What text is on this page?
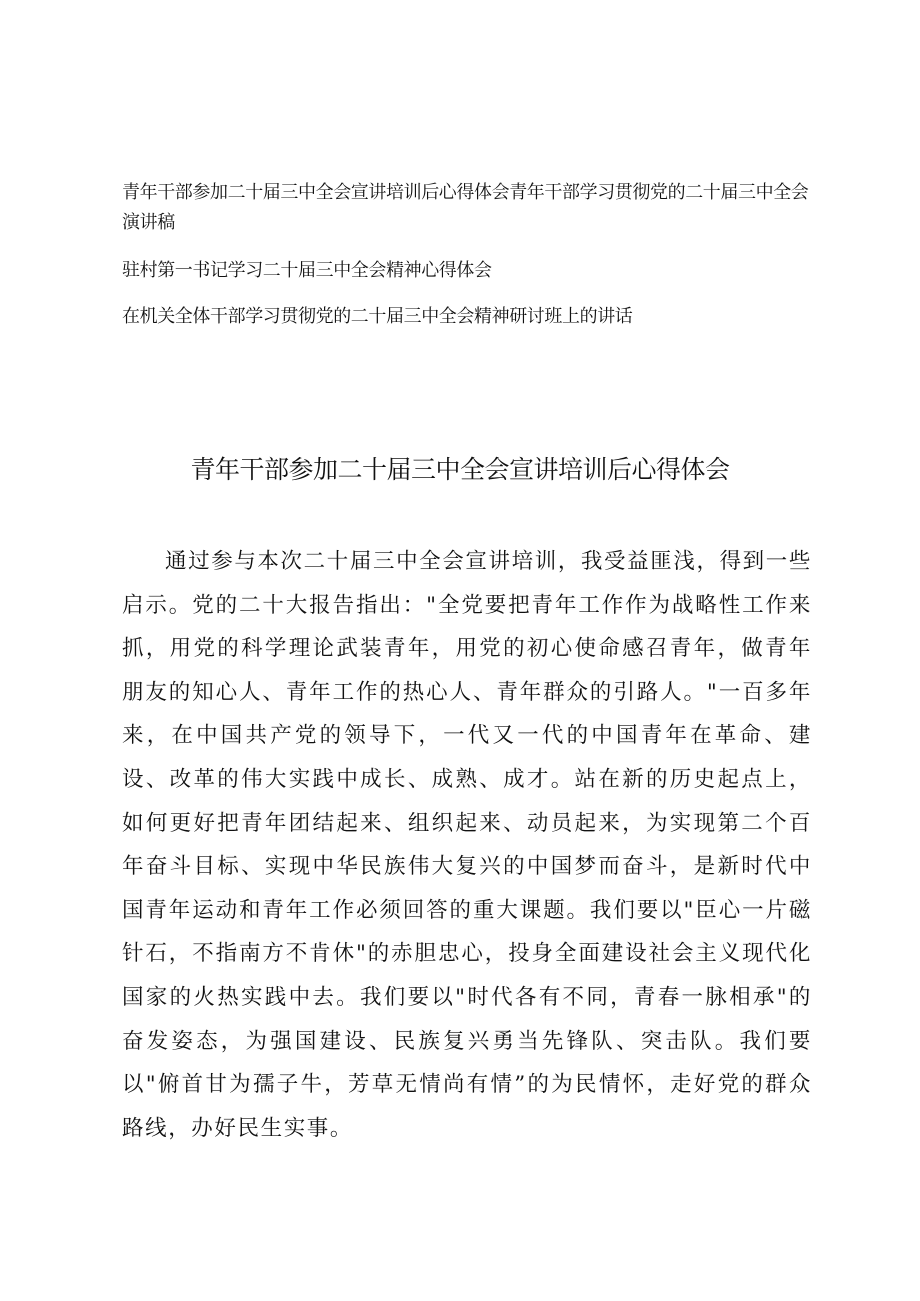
青年干部参加二十届三中全会宣讲培训后心得体会青年干部学习贯彻党的二十届三中全会演讲稿
驻村第一书记学习二十届三中全会精神心得体会
在机关全体干部学习贯彻党的二十届三中全会精神研讨班上的讲话
青年干部参加二十届三中全会宣讲培训后心得体会

通过参与本次二十届三中全会宣讲培训，我受益匪浅，得到一些启示。党的二十大报告指出："全党要把青年工作作为战略性工作来抓，用党的科学理论武装青年，用党的初心使命感召青年，做青年朋友的知心人、青年工作的热心人、青年群众的引路人。"一百多年来，在中国共产党的领导下，一代又一代的中国青年在革命、建设、改革的伟大实践中成长、成熟、成才。站在新的历史起点上，如何更好把青年团结起来、组织起来、动员起来，为实现第二个百年奋斗目标、实现中华民族伟大复兴的中国梦而奋斗，是新时代中国青年运动和青年工作必须回答的重大课题。我们要以"臣心一片磁针石，不指南方不肯休"的赤胆忠心，投身全面建设社会主义现代化国家的火热实践中去。我们要以"时代各有不同，青春一脉相承"的奋发姿态，为强国建设、民族复兴勇当先锋队、突击队。我们要以"俯首甘为孺子牛，芳草无情尚有情”的为民情怀，走好党的群众路线，办好民生实事。
